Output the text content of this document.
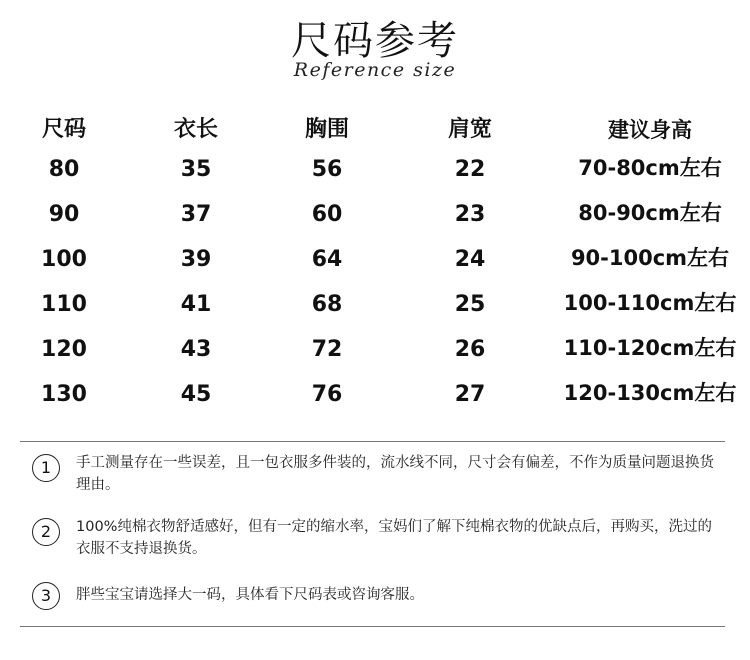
尺码参考
Reference size
尺码	衣长	胸围	肩宽	建议身高
80	35	56	22	70-80cm左右
90	37	60	23	80-90cm左右
100	39	64	24	90-100cm左右
110	41	68	25	100-110cm左右
120	43	72	26	110-120cm左右
130	45	76	27	120-130cm左右
1	手工测量存在一些误差，且一包衣服多件装的，流水线不同，尺寸会有偏差，不作为质量问题退换货理由。
2	100%纯棉衣物舒适感好，但有一定的缩水率，宝妈们了解下纯棉衣物的优缺点后，再购买，洗过的衣服不支持退换货。
3	胖些宝宝请选择大一码，具体看下尺码表或咨询客服。
